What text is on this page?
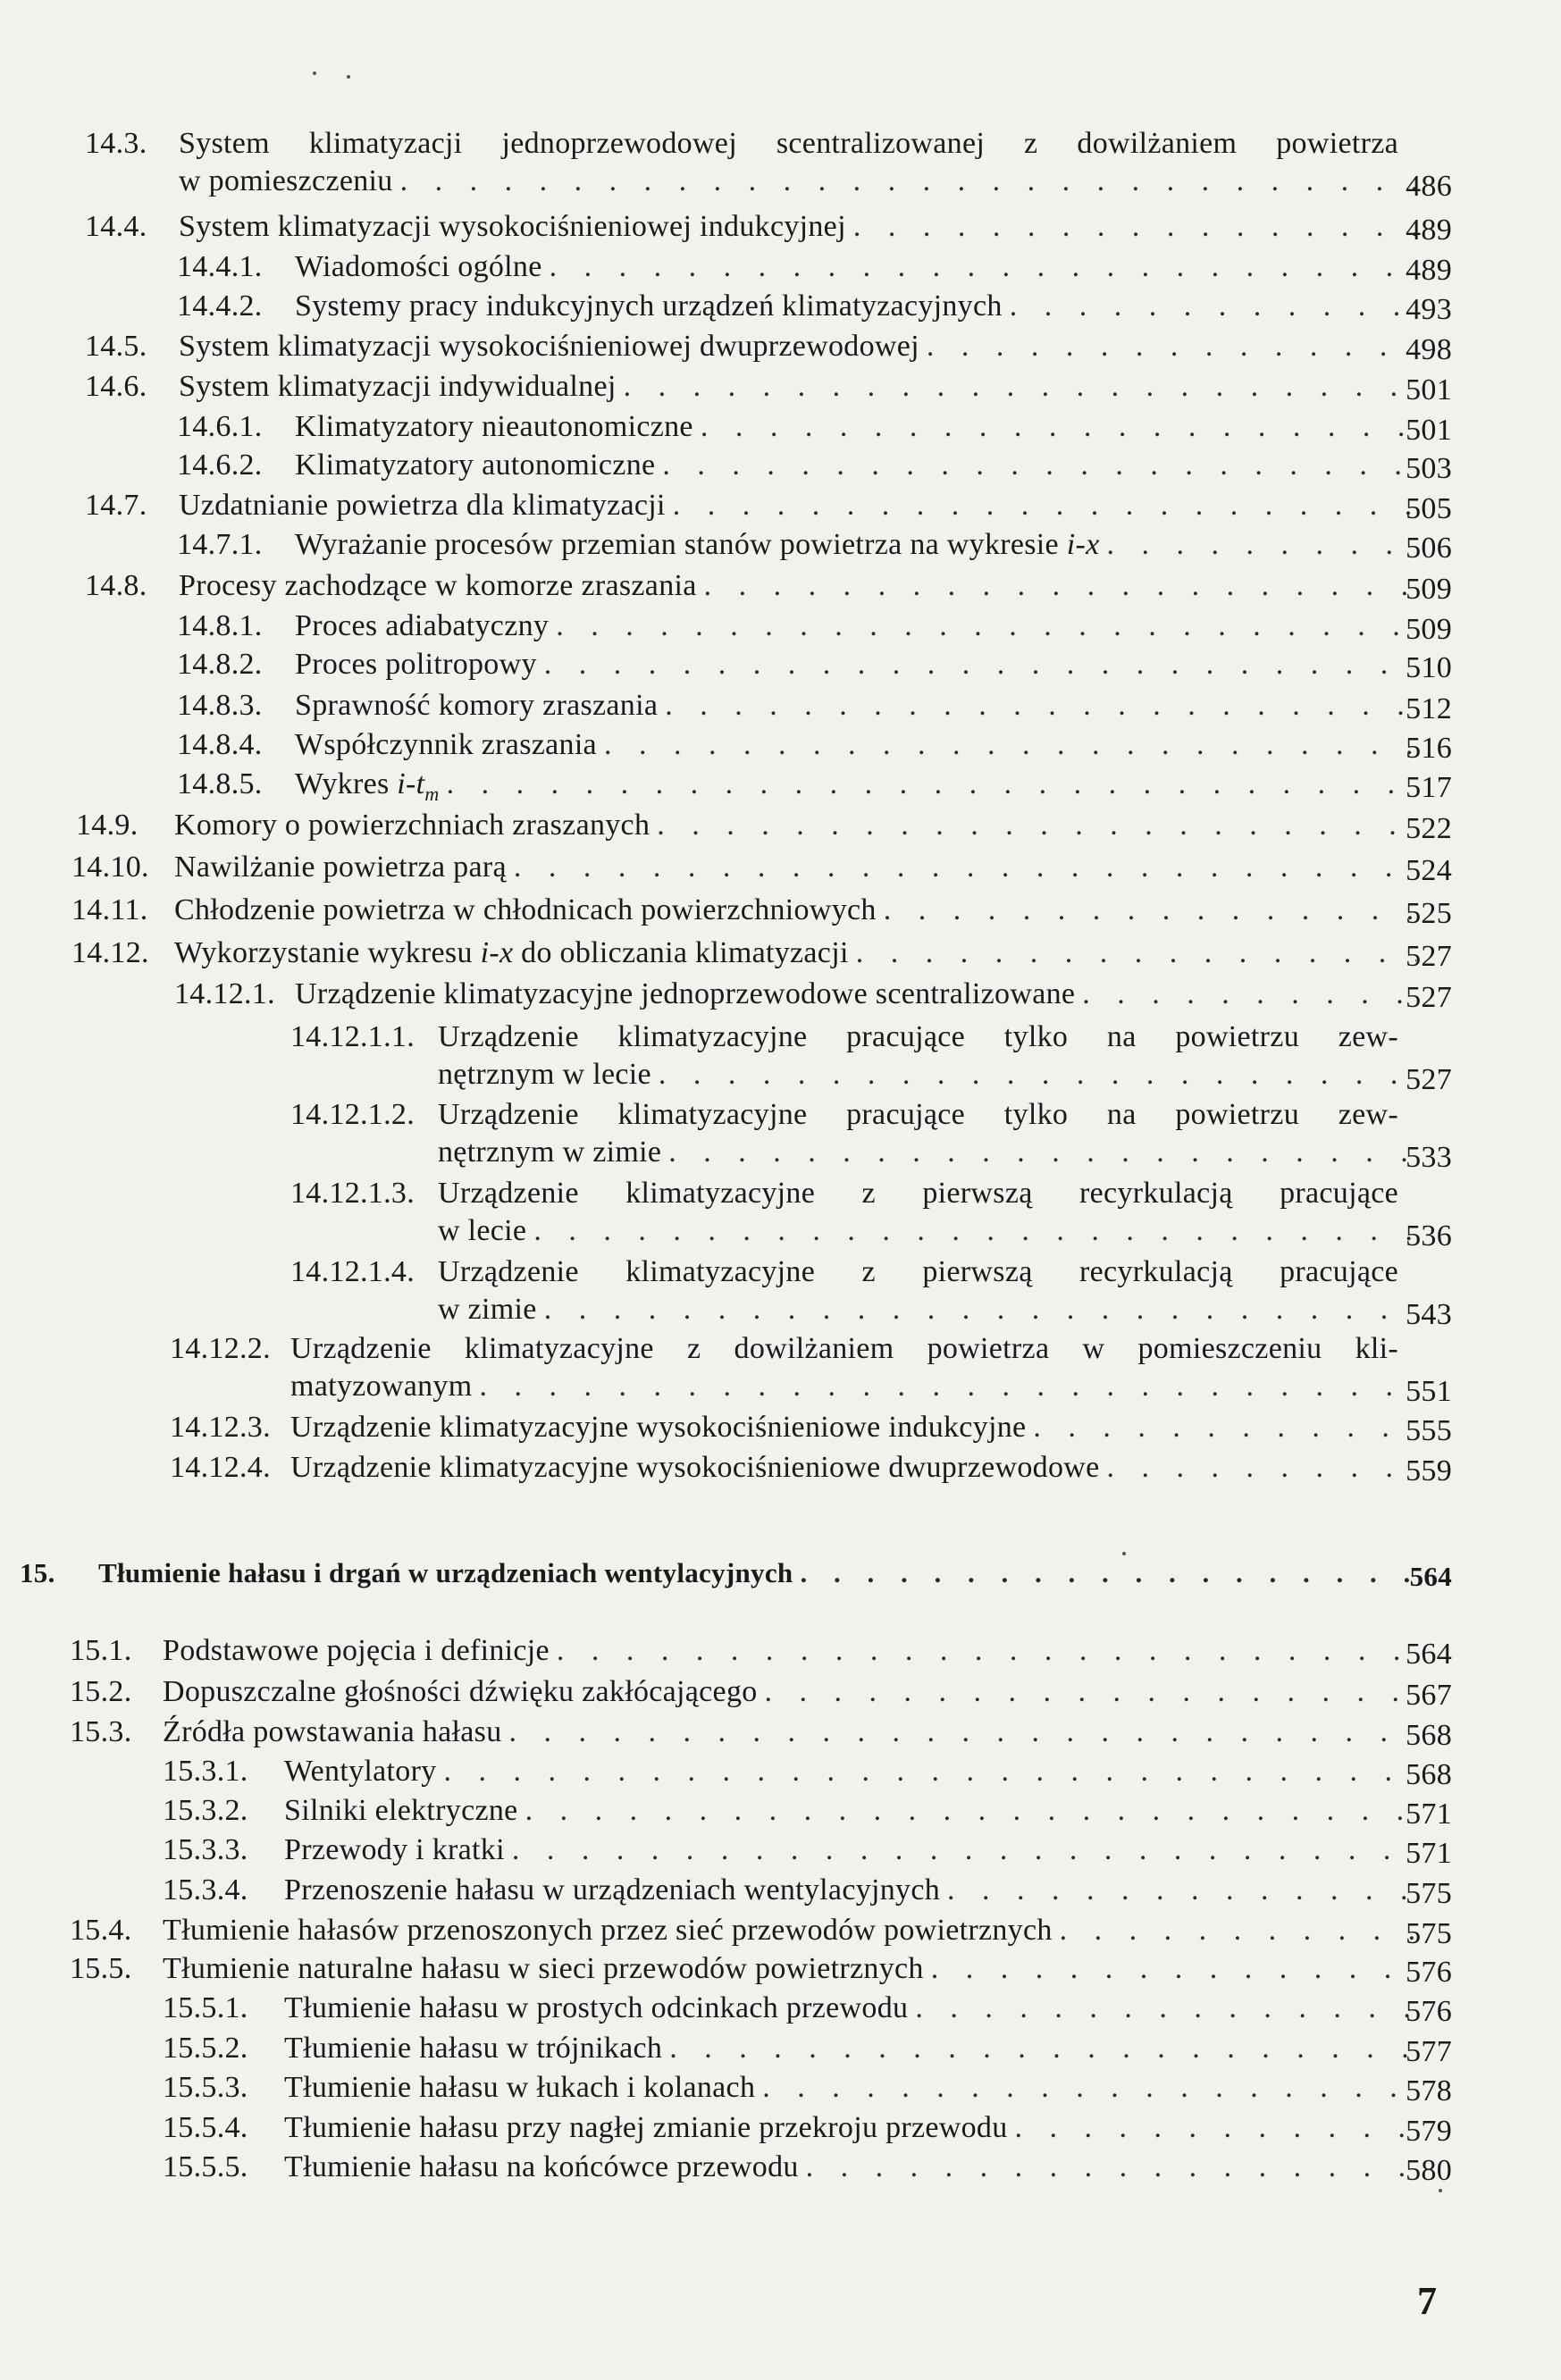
14.3. System klimatyzacji jednoprzewodowej scentralizowanej z dowilżaniem powietrza
w pomieszczeniu . . .	486
14.4. System klimatyzacji wysokociśnieniowej indukcyjnej . . .	489
14.4.1. Wiadomości ogólne . . .	489
14.4.2. Systemy pracy indukcyjnych urządzeń klimatyzacyjnych . . .	493
14.5. System klimatyzacji wysokociśnieniowej dwuprzewodowej . . .	498
14.6. System klimatyzacji indywidualnej . . .	501
14.6.1. Klimatyzatory nieautonomiczne . . .	501
14.6.2. Klimatyzatory autonomiczne . . .	503
14.7. Uzdatnianie powietrza dla klimatyzacji . . .	505
14.7.1. Wyrażanie procesów przemian stanów powietrza na wykresie i-x . . .	506
14.8. Procesy zachodzące w komorze zraszania . . .	509
14.8.1. Proces adiabatyczny . . .	509
14.8.2. Proces politropowy . . .	510
14.8.3. Sprawność komory zraszania . . .	512
14.8.4. Współczynnik zraszania . . .	516
14.8.5. Wykres $i-t_m$ . . .	517
14.9. Komory o powierzchniach zraszanych . . .	522
14.10. Nawilżanie powietrza parą . . .	524
14.11. Chłodzenie powietrza w chłodnicach powierzchniowych . . .	525
14.12. Wykorzystanie wykresu i-x do obliczania klimatyzacji . . .	527
14.12.1. Urządzenie klimatyzacyjne jednoprzewodowe scentralizowane . . .	527
14.12.1.1. Urządzenie klimatyzacyjne pracujące tylko na powietrzu zew-
nętrznym w lecie . . .	527
14.12.1.2. Urządzenie klimatyzacyjne pracujące tylko na powietrzu zew-
nętrznym w zimie . . .	533
14.12.1.3. Urządzenie klimatyzacyjne z pierwszą recyrkulacją pracujące
w lecie . . .	536
14.12.1.4. Urządzenie klimatyzacyjne z pierwszą recyrkulacją pracujące
w zimie . . .	543
14.12.2. Urządzenie klimatyzacyjne z dowilżaniem powietrza w pomieszczeniu kli-
matyzowanym . . .	551
14.12.3. Urządzenie klimatyzacyjne wysokociśnieniowe indukcyjne . . .	555
14.12.4. Urządzenie klimatyzacyjne wysokociśnieniowe dwuprzewodowe . . .	559
15. Tłumienie hałasu i drgań w urządzeniach wentylacyjnych . . .	564
15.1. Podstawowe pojęcia i definicje . . .	564
15.2. Dopuszczalne głośności dźwięku zakłócającego . . .	567
15.3. Źródła powstawania hałasu . . .	568
15.3.1. Wentylatory . . .	568
15.3.2. Silniki elektryczne . . .	571
15.3.3. Przewody i kratki . . .	571
15.3.4. Przenoszenie hałasu w urządzeniach wentylacyjnych . . .	575
15.4. Tłumienie hałasów przenoszonych przez sieć przewodów powietrznych . . .	575
15.5. Tłumienie naturalne hałasu w sieci przewodów powietrznych . . .	576
15.5.1. Tłumienie hałasu w prostych odcinkach przewodu . . .	576
15.5.2. Tłumienie hałasu w trójnikach . . .	577
15.5.3. Tłumienie hałasu w łukach i kolanach . . .	578
15.5.4. Tłumienie hałasu przy nagłej zmianie przekroju przewodu . . .	579
15.5.5. Tłumienie hałasu na końcówce przewodu . . .	580
7
